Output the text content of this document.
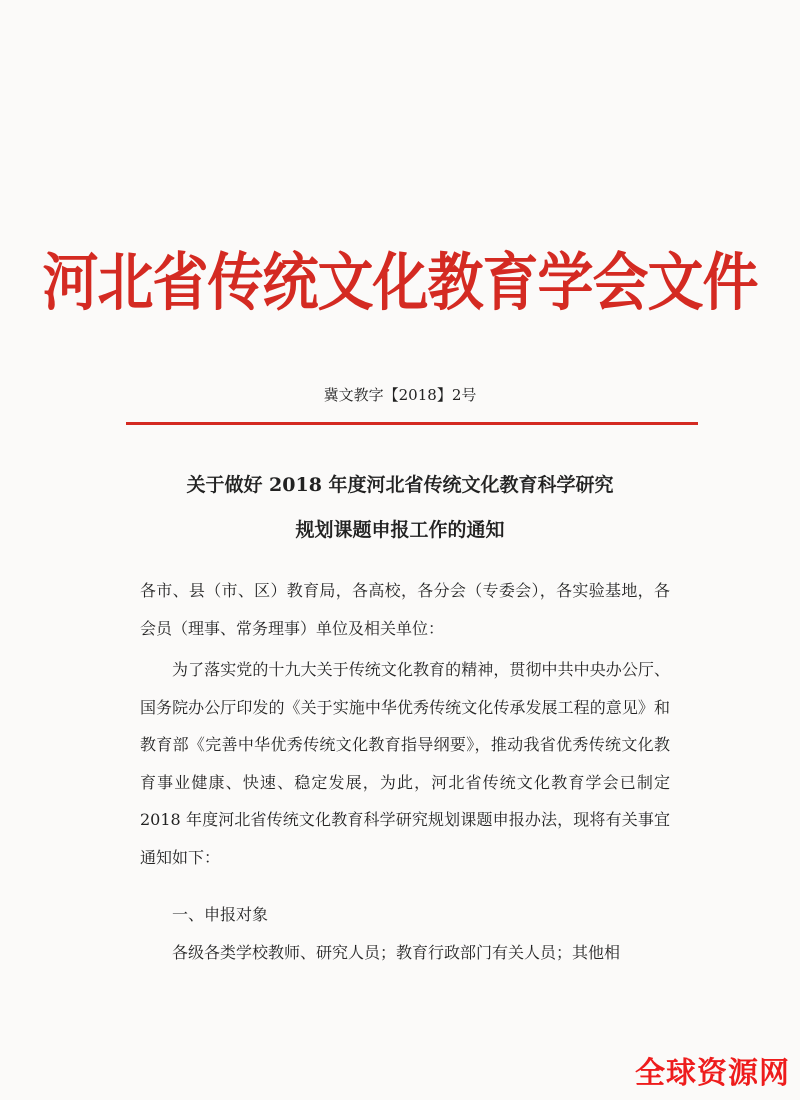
河北省传统文化教育学会文件
冀文教字【2018】2号
关于做好 2018 年度河北省传统文化教育科学研究
规划课题申报工作的通知
各市、县（市、区）教育局，各高校，各分会（专委会），各实验基地，各会员（理事、常务理事）单位及相关单位：
为了落实党的十九大关于传统文化教育的精神，贯彻中共中央办公厅、国务院办公厅印发的《关于实施中华优秀传统文化传承发展工程的意见》和教育部《完善中华优秀传统文化教育指导纲要》，推动我省优秀传统文化教育事业健康、快速、稳定发展，为此，河北省传统文化教育学会已制定 2018 年度河北省传统文化教育科学研究规划课题申报办法，现将有关事宜通知如下：
一、申报对象
各级各类学校教师、研究人员；教育行政部门有关人员；其他相
全球资源网
